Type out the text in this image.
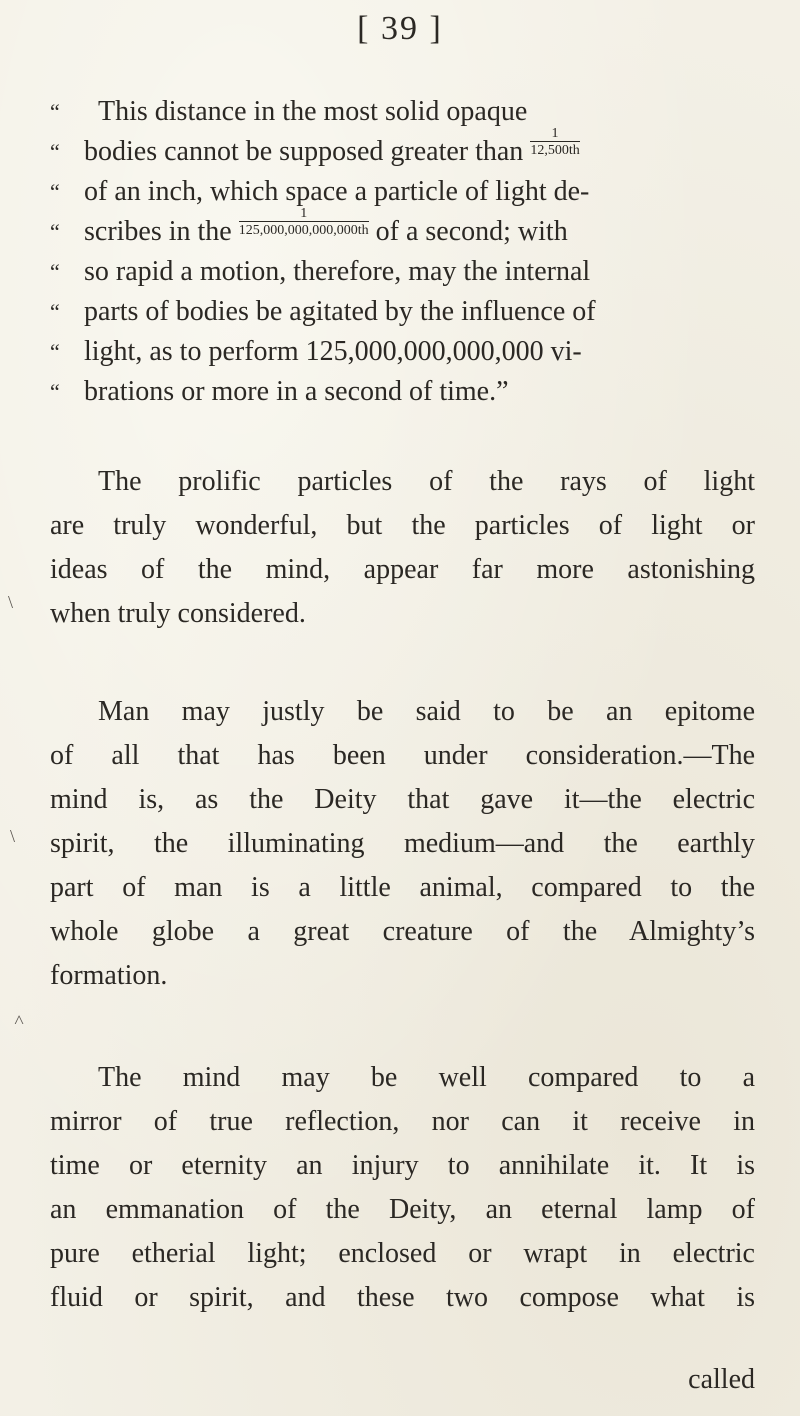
[ 39 ]
“ This distance in the most solid opaque
“ bodies cannot be supposed greater than $\frac{1}{12,500th}$
“ of an inch, which space a particle of light de-
“ scribes in the $\frac{1}{125,000,000,000,000th}$ of a second; with
“ so rapid a motion, therefore, may the internal
“ parts of bodies be agitated by the influence of
“ light, as to perform 125,000,000,000,000 vi-
“ brations or more in a second of time.”
The prolific particles of the rays of light
are truly wonderful, but the particles of light or
ideas of the mind, appear far more astonishing
when truly considered.
Man may justly be said to be an epitome
of all that has been under consideration.—The
mind is, as the Deity that gave it—the electric
spirit, the illuminating medium—and the earthly
part of man is a little animal, compared to the
whole globe a great creature of the Almighty’s
formation.
The mind may be well compared to a
mirror of true reflection, nor can it receive in
time or eternity an injury to annihilate it. It is
an emmanation of the Deity, an eternal lamp of
pure etherial light; enclosed or wrapt in electric
fluid or spirit, and these two compose what is
called
\
\
˄
